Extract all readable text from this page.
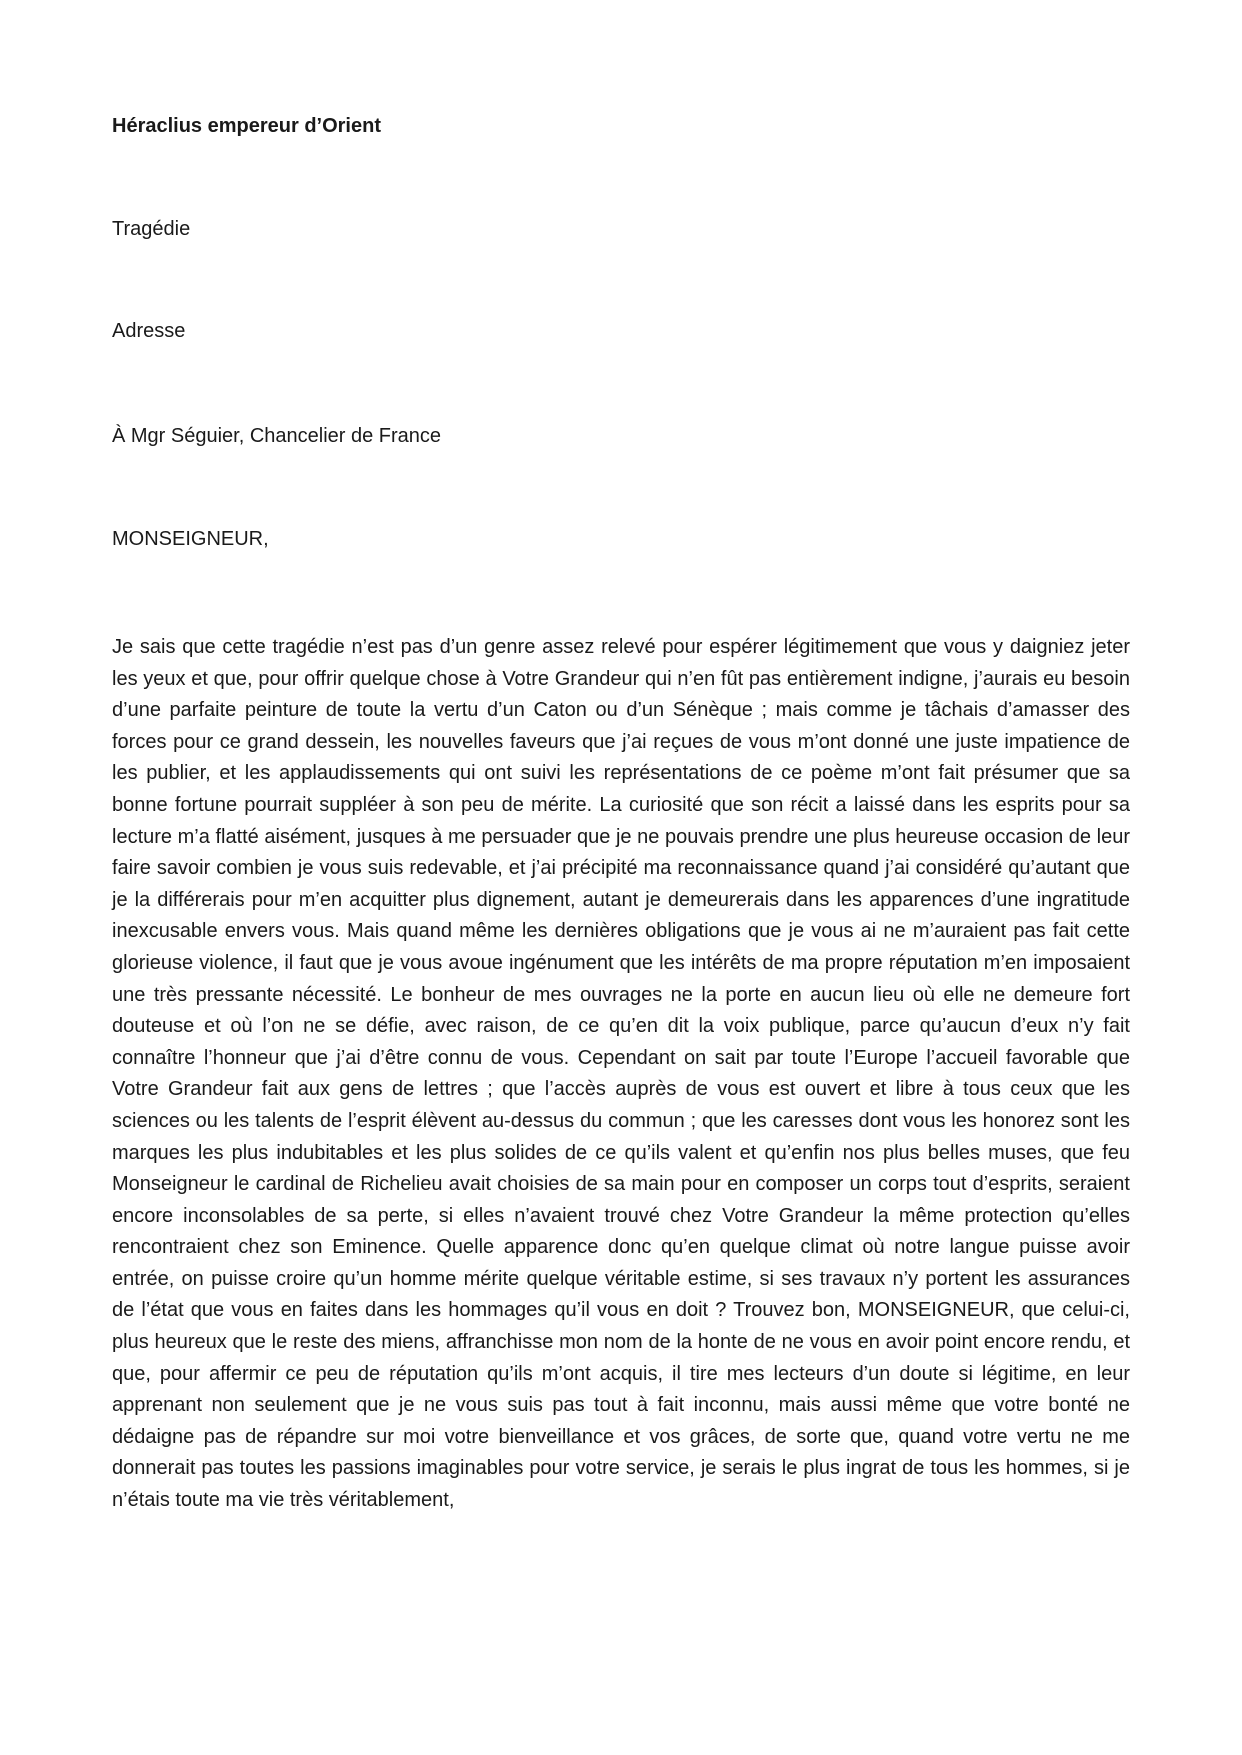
Héraclius empereur d’Orient
Tragédie
Adresse
À Mgr Séguier, Chancelier de France
MONSEIGNEUR,
Je sais que cette tragédie n’est pas d’un genre assez relevé pour espérer légitimement que vous y daigniez jeter les yeux et que, pour offrir quelque chose à Votre Grandeur qui n’en fût pas entièrement indigne, j’aurais eu besoin d’une parfaite peinture de toute la vertu d’un Caton ou d’un Sénèque ; mais comme je tâchais d’amasser des forces pour ce grand dessein, les nouvelles faveurs que j’ai reçues de vous m’ont donné une juste impatience de les publier, et les applaudissements qui ont suivi les représentations de ce poème m’ont fait présumer que sa bonne fortune pourrait suppléer à son peu de mérite. La curiosité que son récit a laissé dans les esprits pour sa lecture m’a flatté aisément, jusques à me persuader que je ne pouvais prendre une plus heureuse occasion de leur faire savoir combien je vous suis redevable, et j’ai précipité ma reconnaissance quand j’ai considéré qu’autant que je la différerais pour m’en acquitter plus dignement, autant je demeurerais dans les apparences d’une ingratitude inexcusable envers vous. Mais quand même les dernières obligations que je vous ai ne m’auraient pas fait cette glorieuse violence, il faut que je vous avoue ingénument que les intérêts de ma propre réputation m’en imposaient une très pressante nécessité. Le bonheur de mes ouvrages ne la porte en aucun lieu où elle ne demeure fort douteuse et où l’on ne se défie, avec raison, de ce qu’en dit la voix publique, parce qu’aucun d’eux n’y fait connaître l’honneur que j’ai d’être connu de vous. Cependant on sait par toute l’Europe l’accueil favorable que Votre Grandeur fait aux gens de lettres ; que l’accès auprès de vous est ouvert et libre à tous ceux que les sciences ou les talents de l’esprit élèvent au-dessus du commun ; que les caresses dont vous les honorez sont les marques les plus indubitables et les plus solides de ce qu’ils valent et qu’enfin nos plus belles muses, que feu Monseigneur le cardinal de Richelieu avait choisies de sa main pour en composer un corps tout d’esprits, seraient encore inconsolables de sa perte, si elles n’avaient trouvé chez Votre Grandeur la même protection qu’elles rencontraient chez son Eminence. Quelle apparence donc qu’en quelque climat où notre langue puisse avoir entrée, on puisse croire qu’un homme mérite quelque véritable estime, si ses travaux n’y portent les assurances de l’état que vous en faites dans les hommages qu’il vous en doit ? Trouvez bon, MONSEIGNEUR, que celui-ci, plus heureux que le reste des miens, affranchisse mon nom de la honte de ne vous en avoir point encore rendu, et que, pour affermir ce peu de réputation qu’ils m’ont acquis, il tire mes lecteurs d’un doute si légitime, en leur apprenant non seulement que je ne vous suis pas tout à fait inconnu, mais aussi même que votre bonté ne dédaigne pas de répandre sur moi votre bienveillance et vos grâces, de sorte que, quand votre vertu ne me donnerait pas toutes les passions imaginables pour votre service, je serais le plus ingrat de tous les hommes, si je n’étais toute ma vie très véritablement,
